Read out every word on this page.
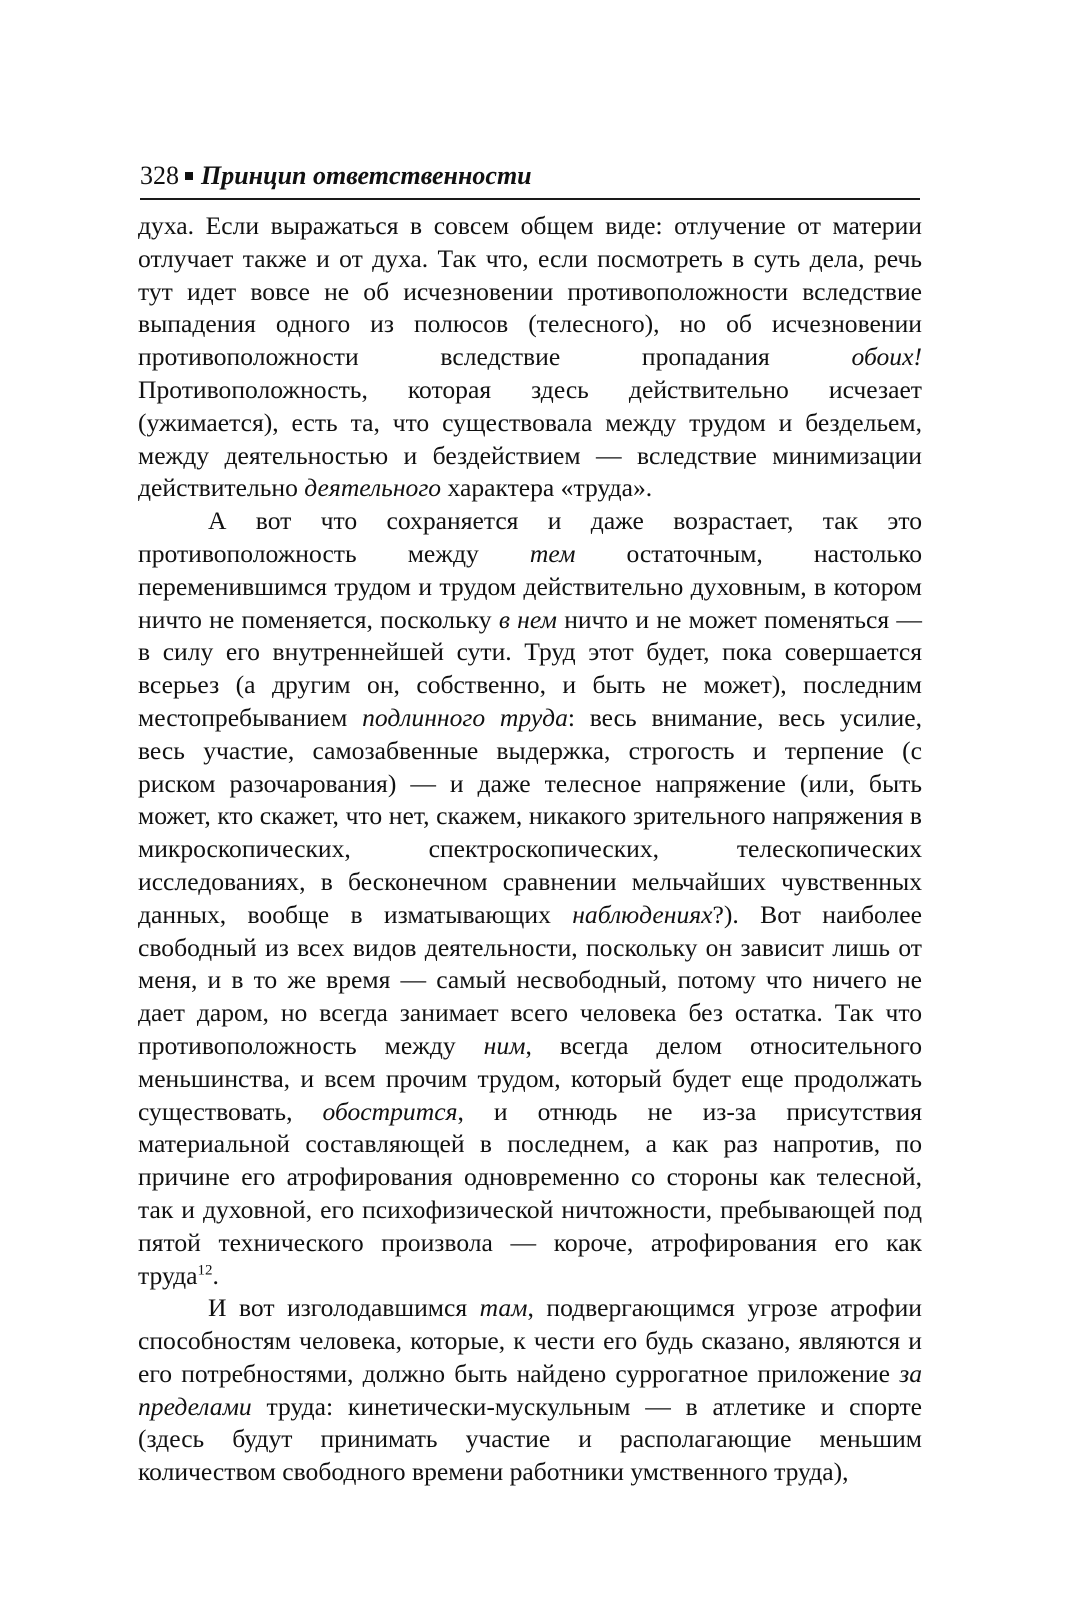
328 Принцип ответственности

духа. Если выражаться в совсем общем виде: отлучение от материи отлучает также и от духа. Так что, если посмотреть в суть дела, речь тут идет вовсе не об исчезновении противоположности вследствие выпадения одного из полюсов (телесного), но об исчезновении противоположности вследствие пропадания обоих! Противоположность, которая здесь действительно исчезает (ужимается), есть та, что существовала между трудом и бездельем, между деятельностью и бездействием — вследствие минимизации действительно деятельного характера «труда».

А вот что сохраняется и даже возрастает, так это противоположность между тем остаточным, настолько переменившимся трудом и трудом действительно духовным, в котором ничто не поменяется, поскольку в нем ничто и не может поменяться — в силу его внутреннейшей сути. Труд этот будет, пока совершается всерьез (а другим он, собственно, и быть не может), последним местопребыванием подлинного труда: весь внимание, весь усилие, весь участие, самозабвенные выдержка, строгость и терпение (с риском разочарования) — и даже телесное напряжение (или, быть может, кто скажет, что нет, скажем, никакого зрительного напряжения в микроскопических, спектроскопических, телескопических исследованиях, в бесконечном сравнении мельчайших чувственных данных, вообще в изматывающих наблюдениях?). Вот наиболее свободный из всех видов деятельности, поскольку он зависит лишь от меня, и в то же время — самый несвободный, потому что ничего не дает даром, но всегда занимает всего человека без остатка. Так что противоположность между ним, всегда делом относительного меньшинства, и всем прочим трудом, который будет еще продолжать существовать, обострится, и отнюдь не из-за присутствия материальной составляющей в последнем, а как раз напротив, по причине его атрофирования одновременно со стороны как телесной, так и духовной, его психофизической ничтожности, пребывающей под пятой технического произвола — короче, атрофирования его как труда$^{12}$.

И вот изголодавшимся там, подвергающимся угрозе атрофии способностям человека, которые, к чести его будь сказано, являются и его потребностями, должно быть найдено суррогатное приложение за пределами труда: кинетически-мускульным — в атлетике и спорте (здесь будут принимать участие и располагающие меньшим количеством свободного времени работники умственного труда),
